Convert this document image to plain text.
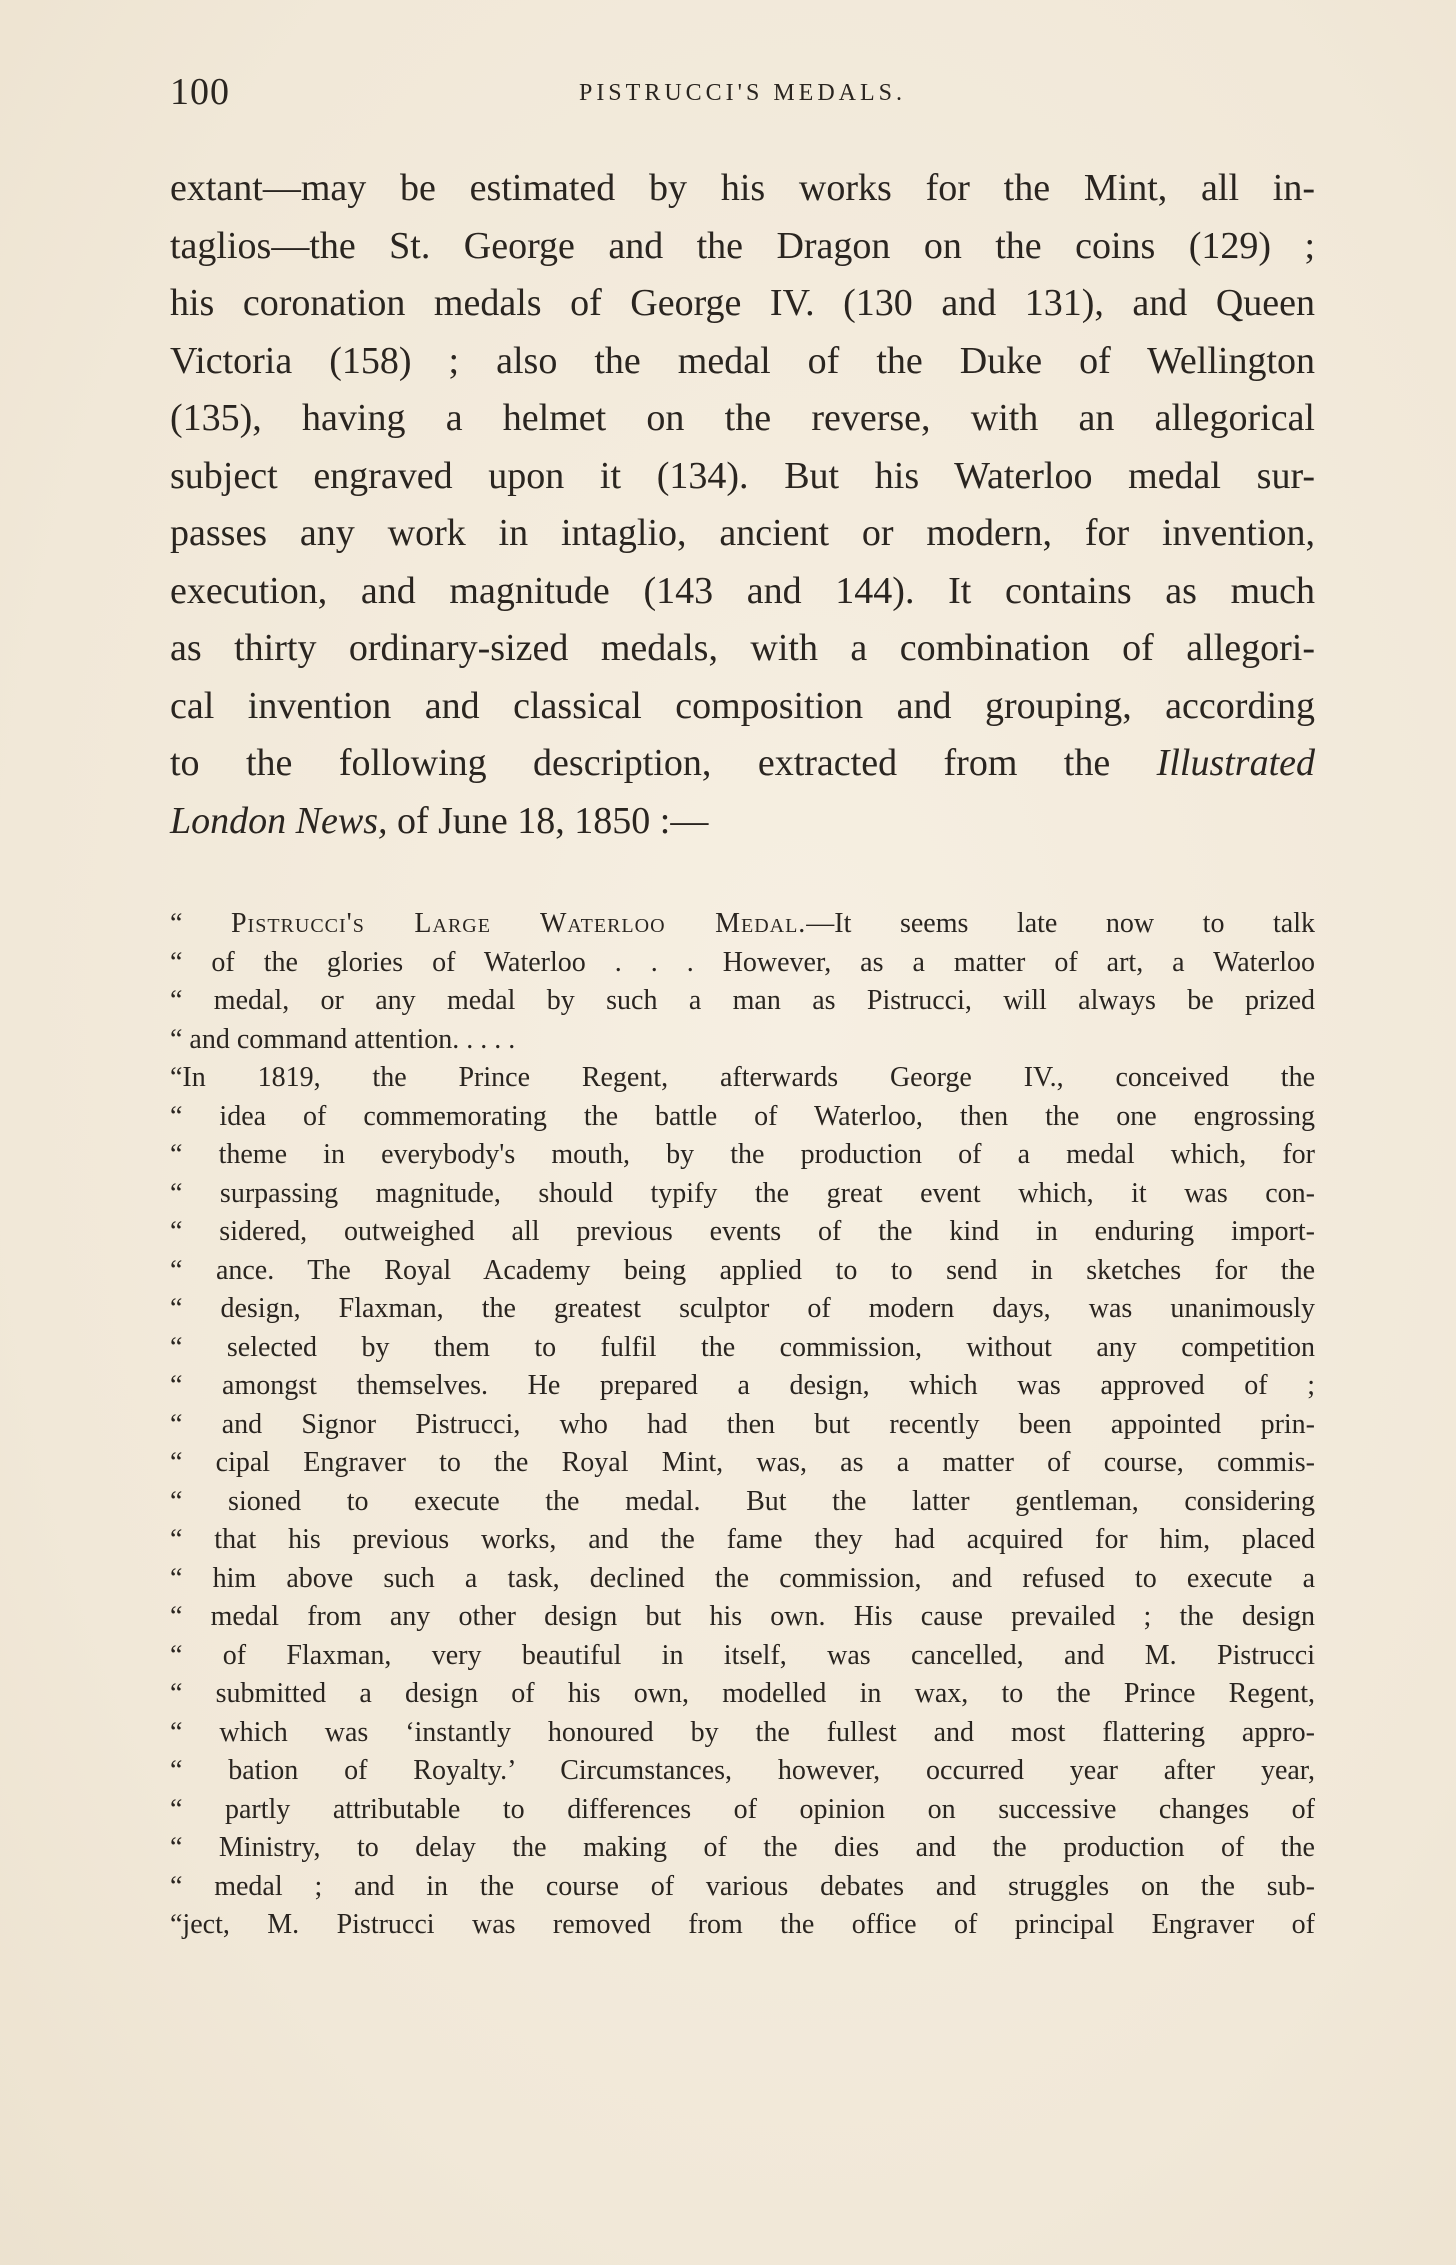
100	PISTRUCCI'S MEDALS.
extant—may be estimated by his works for the Mint, all in-
taglios—the St. George and the Dragon on the coins (129) ;
his coronation medals of George IV. (130 and 131), and Queen
Victoria (158) ; also the medal of the Duke of Wellington
(135), having a helmet on the reverse, with an allegorical
subject engraved upon it (134). But his Waterloo medal sur-
passes any work in intaglio, ancient or modern, for invention,
execution, and magnitude (143 and 144). It contains as much
as thirty ordinary-sized medals, with a combination of allegori-
cal invention and classical composition and grouping, according
to the following description, extracted from the Illustrated
London News, of June 18, 1850 :—
“ Pistrucci's Large Waterloo Medal.—It seems late now to talk
“ of the glories of Waterloo . . . However, as a matter of art, a Waterloo
“ medal, or any medal by such a man as Pistrucci, will always be prized
“ and command attention. . . . .
“In 1819, the Prince Regent, afterwards George IV., conceived the
“ idea of commemorating the battle of Waterloo, then the one engrossing
“ theme in everybody's mouth, by the production of a medal which, for
“ surpassing magnitude, should typify the great event which, it was con-
“ sidered, outweighed all previous events of the kind in enduring import-
“ ance. The Royal Academy being applied to to send in sketches for the
“ design, Flaxman, the greatest sculptor of modern days, was unanimously
“ selected by them to fulfil the commission, without any competition
“ amongst themselves. He prepared a design, which was approved of ;
“ and Signor Pistrucci, who had then but recently been appointed prin-
“ cipal Engraver to the Royal Mint, was, as a matter of course, commis-
“ sioned to execute the medal. But the latter gentleman, considering
“ that his previous works, and the fame they had acquired for him, placed
“ him above such a task, declined the commission, and refused to execute a
“ medal from any other design but his own. His cause prevailed ; the design
“ of Flaxman, very beautiful in itself, was cancelled, and M. Pistrucci
“ submitted a design of his own, modelled in wax, to the Prince Regent,
“ which was ‘instantly honoured by the fullest and most flattering appro-
“ bation of Royalty.’ Circumstances, however, occurred year after year,
“ partly attributable to differences of opinion on successive changes of
“ Ministry, to delay the making of the dies and the production of the
“ medal ; and in the course of various debates and struggles on the sub-
“ject, M. Pistrucci was removed from the office of principal Engraver of
